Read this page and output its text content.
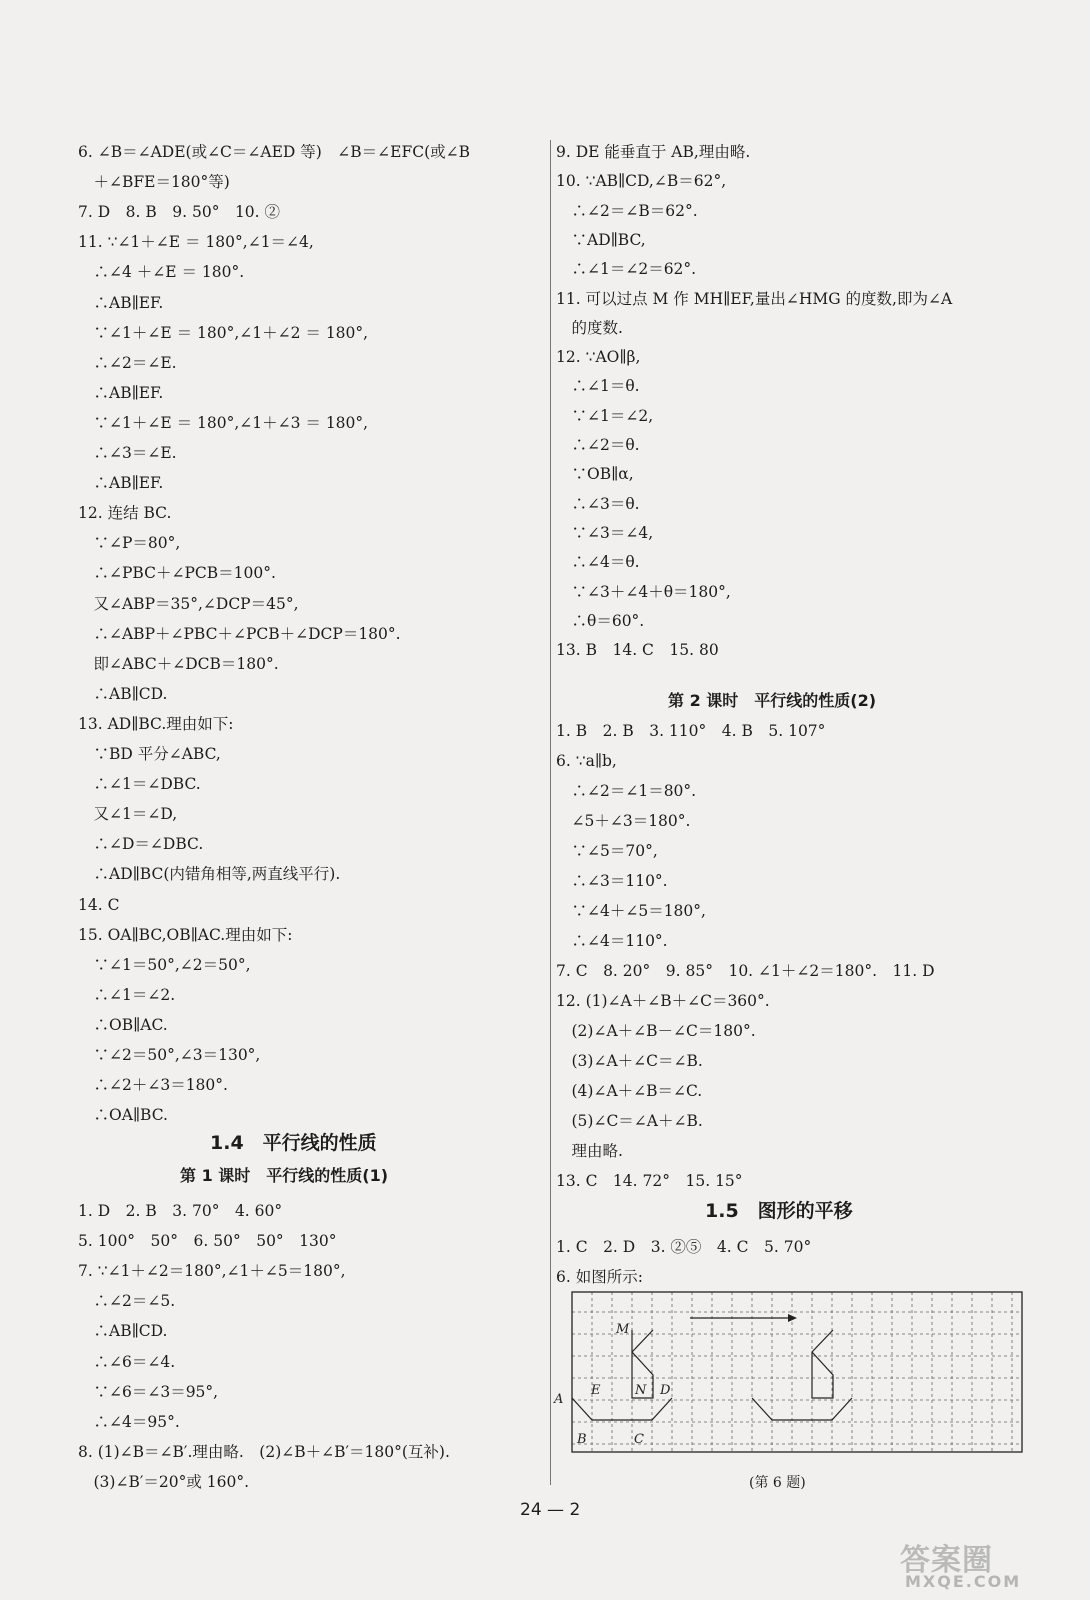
1.4　平行线的性质
第 1 课时　平行线的性质(1)
第 2 课时　平行线的性质(2)
1.5　图形的平移
M
E	N D
A
B	C
(第 6 题)
24 — 2
答案圈
MXQE.COM
6. ∠B＝∠ADE(或∠C＝∠AED 等)　∠B＝∠EFC(或∠B
　＋∠BFE＝180°等)
7. D　8. B　9. 50°　10. ②
11. ∵∠1＋∠E ＝ 180°,∠1＝∠4,
　∴∠4 ＋∠E ＝ 180°.
　∴AB∥EF.
　∵∠1＋∠E ＝ 180°,∠1＋∠2 ＝ 180°,
　∴∠2＝∠E.
　∴AB∥EF.
　∵∠1＋∠E ＝ 180°,∠1＋∠3 ＝ 180°,
　∴∠3＝∠E.
　∴AB∥EF.
12. 连结 BC.
　∵∠P＝80°,
　∴∠PBC＋∠PCB＝100°.
　又∠ABP＝35°,∠DCP＝45°,
　∴∠ABP＋∠PBC＋∠PCB＋∠DCP＝180°.
　即∠ABC＋∠DCB＝180°.
　∴AB∥CD.
13. AD∥BC.理由如下:
　∵BD 平分∠ABC,
　∴∠1＝∠DBC.
　又∠1＝∠D,
　∴∠D＝∠DBC.
　∴AD∥BC(内错角相等,两直线平行).
14. C
15. OA∥BC,OB∥AC.理由如下:
　∵∠1＝50°,∠2＝50°,
　∴∠1＝∠2.
　∴OB∥AC.
　∵∠2＝50°,∠3＝130°,
　∴∠2＋∠3＝180°.
　∴OA∥BC.
1. D　2. B　3. 70°　4. 60°
5. 100°　50°　6. 50°　50°　130°
7. ∵∠1＋∠2＝180°,∠1＋∠5＝180°,
　∴∠2＝∠5.
　∴AB∥CD.
　∴∠6＝∠4.
　∵∠6＝∠3＝95°,
　∴∠4＝95°.
8. (1)∠B＝∠B′.理由略.　(2)∠B＋∠B′＝180°(互补).
　(3)∠B′＝20°或 160°.
9. DE 能垂直于 AB,理由略.
10. ∵AB∥CD,∠B＝62°,
　∴∠2＝∠B＝62°.
　∵AD∥BC,
　∴∠1＝∠2＝62°.
11. 可以过点 M 作 MH∥EF,量出∠HMG 的度数,即为∠A
　的度数.
12. ∵AO∥β,
　∴∠1＝θ.
　∵∠1＝∠2,
　∴∠2＝θ.
　∵OB∥α,
　∴∠3＝θ.
　∵∠3＝∠4,
　∴∠4＝θ.
　∵∠3＋∠4＋θ＝180°,
　∴θ＝60°.
13. B　14. C　15. 80
1. B　2. B　3. 110°　4. B　5. 107°
6. ∵a∥b,
　∴∠2＝∠1＝80°.
　∠5＋∠3＝180°.
　∵∠5＝70°,
　∴∠3＝110°.
　∵∠4＋∠5＝180°,
　∴∠4＝110°.
7. C　8. 20°　9. 85°　10. ∠1＋∠2＝180°.　11. D
12. (1)∠A＋∠B＋∠C＝360°.
　(2)∠A＋∠B－∠C＝180°.
　(3)∠A＋∠C＝∠B.
　(4)∠A＋∠B＝∠C.
　(5)∠C＝∠A＋∠B.
　理由略.
13. C　14. 72°　15. 15°
1. C　2. D　3. ②⑤　4. C　5. 70°
6. 如图所示:
